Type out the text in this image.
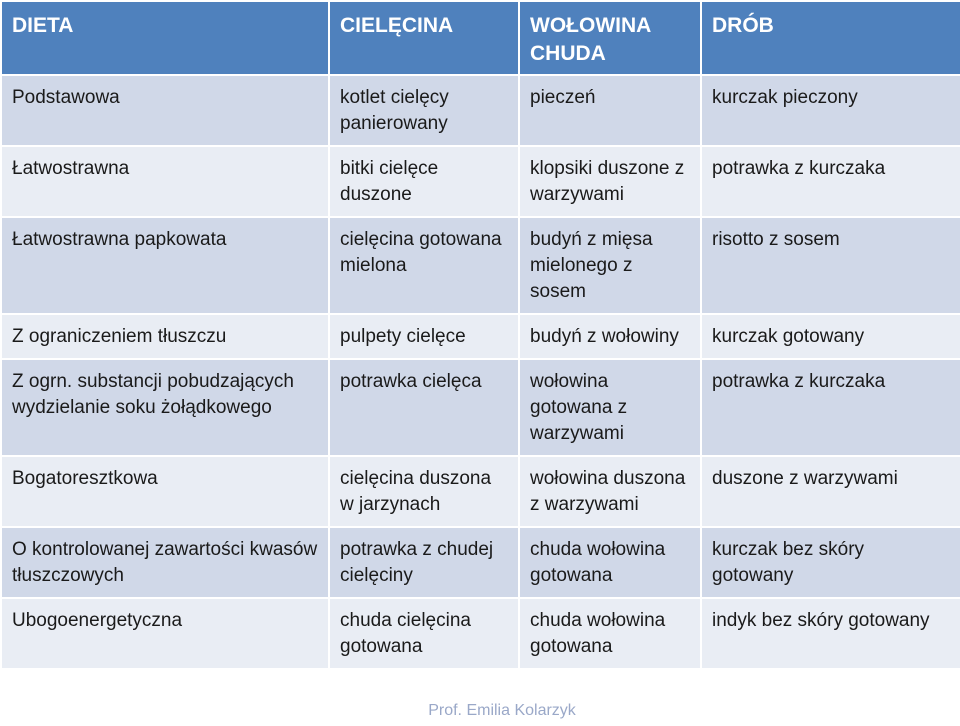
DIETA	CIELĘCINA	WOŁOWINA CHUDA	DRÓB
Podstawowa	kotlet cielęcy panierowany	pieczeń	kurczak pieczony
Łatwostrawna	bitki cielęce duszone	klopsiki duszone z warzywami	potrawka z kurczaka
Łatwostrawna papkowata	cielęcina gotowana mielona	budyń z mięsa mielonego z sosem	risotto z sosem
Z ograniczeniem tłuszczu	pulpety cielęce	budyń z wołowiny	kurczak gotowany
Z ogrn. substancji pobudzających wydzielanie soku żołądkowego	potrawka cielęca	wołowina gotowana z warzywami	potrawka z kurczaka
Bogatoresztkowa	cielęcina duszona w jarzynach	wołowina duszona z warzywami	duszone z warzywami
O kontrolowanej zawartości kwasów tłuszczowych	potrawka z chudej cielęciny	chuda wołowina gotowana	kurczak bez skóry gotowany
Ubogoenergetyczna	chuda cielęcina gotowana	chuda wołowina gotowana	indyk bez skóry gotowany
Prof. Emilia Kolarzyk
